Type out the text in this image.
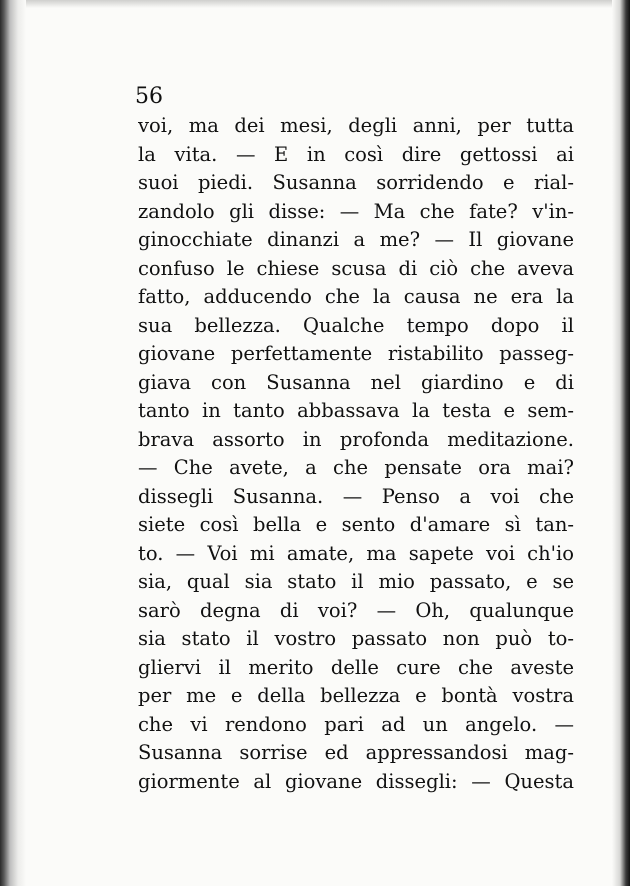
56
voi, ma dei mesi, degli anni, per tutta
la vita. — E in così dire gettossi ai
suoi piedi. Susanna sorridendo e rial-
zandolo gli disse: — Ma che fate? v'in-
ginocchiate dinanzi a me? — Il giovane
confuso le chiese scusa di ciò che aveva
fatto, adducendo che la causa ne era la
sua bellezza. Qualche tempo dopo il
giovane perfettamente ristabilito passeg-
giava con Susanna nel giardino e di
tanto in tanto abbassava la testa e sem-
brava assorto in profonda meditazione.
— Che avete, a che pensate ora mai?
dissegli Susanna. — Penso a voi che
siete così bella e sento d'amare sì tan-
to. — Voi mi amate, ma sapete voi ch'io
sia, qual sia stato il mio passato, e se
sarò degna di voi? — Oh, qualunque
sia stato il vostro passato non può to-
gliervi il merito delle cure che aveste
per me e della bellezza e bontà vostra
che vi rendono pari ad un angelo. —
Susanna sorrise ed appressandosi mag-
giormente al giovane dissegli: — Questa
